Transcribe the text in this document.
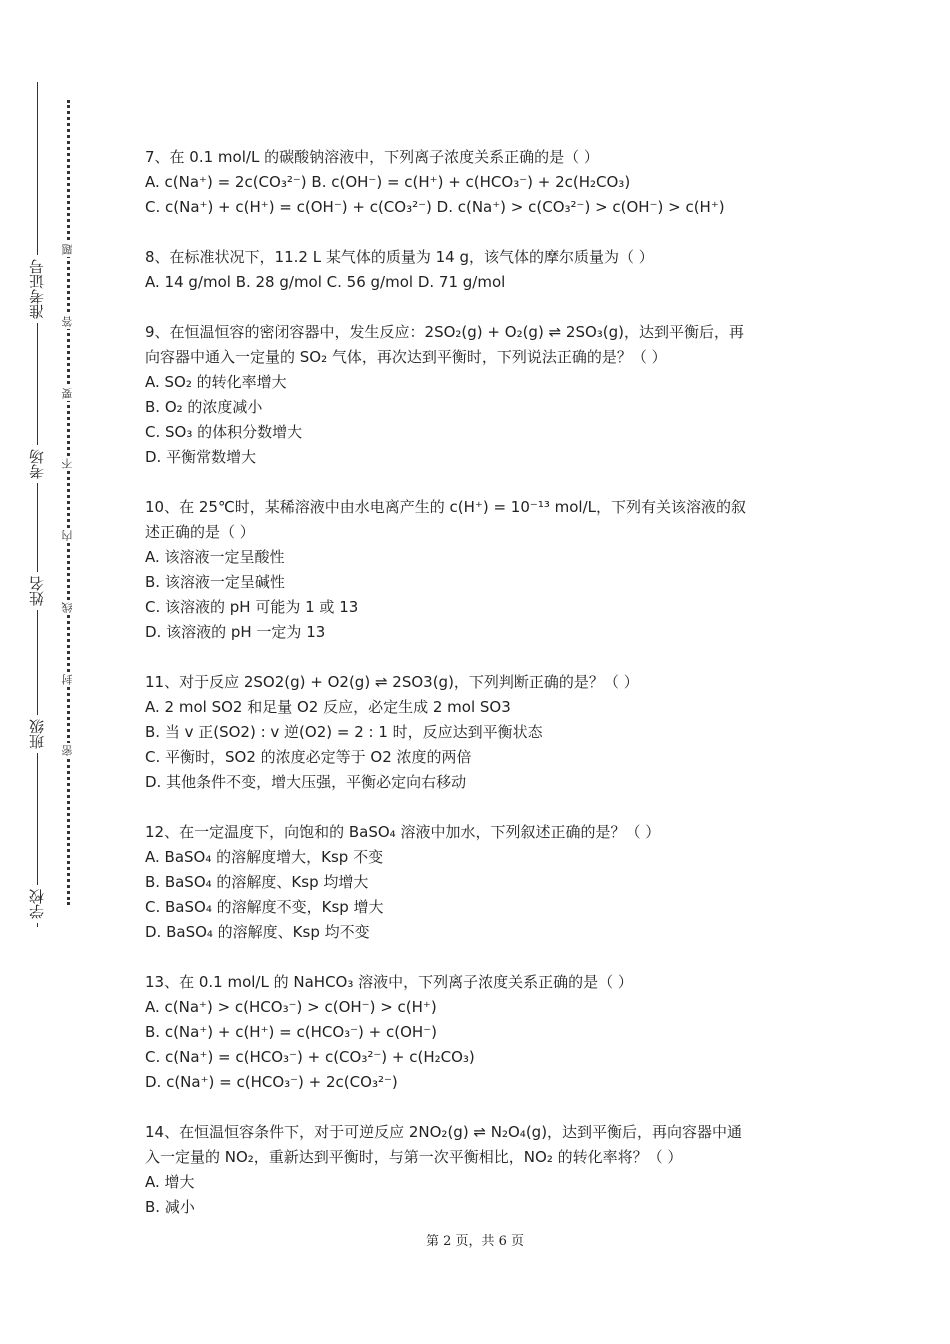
准考证号
考场
姓名
班级
学校
题
答
要
不
内
线
封
密
7、在 0.1 mol/L 的碳酸钠溶液中，下列离子浓度关系正确的是（ ）
A. c(Na⁺) = 2c(CO₃²⁻) B. c(OH⁻) = c(H⁺) + c(HCO₃⁻) + 2c(H₂CO₃)
C. c(Na⁺) + c(H⁺) = c(OH⁻) + c(CO₃²⁻) D. c(Na⁺) > c(CO₃²⁻) > c(OH⁻) > c(H⁺)
8、在标准状况下，11.2 L 某气体的质量为 14 g，该气体的摩尔质量为（ ）
A. 14 g/mol B. 28 g/mol C. 56 g/mol D. 71 g/mol
9、在恒温恒容的密闭容器中，发生反应：2SO₂(g) + O₂(g) ⇌ 2SO₃(g)，达到平衡后，再
向容器中通入一定量的 SO₂ 气体，再次达到平衡时，下列说法正确的是？（ ）
A. SO₂ 的转化率增大
B. O₂ 的浓度减小
C. SO₃ 的体积分数增大
D. 平衡常数增大
10、在 25℃时，某稀溶液中由水电离产生的 c(H⁺) = 10⁻¹³ mol/L，下列有关该溶液的叙
述正确的是（ ）
A. 该溶液一定呈酸性
B. 该溶液一定呈碱性
C. 该溶液的 pH 可能为 1 或 13
D. 该溶液的 pH 一定为 13
11、对于反应 2SO2(g) + O2(g) ⇌ 2SO3(g)，下列判断正确的是？（ ）
A. 2 mol SO2 和足量 O2 反应，必定生成 2 mol SO3
B. 当 v 正(SO2) : v 逆(O2) = 2 : 1 时，反应达到平衡状态
C. 平衡时，SO2 的浓度必定等于 O2 浓度的两倍
D. 其他条件不变，增大压强，平衡必定向右移动
12、在一定温度下，向饱和的 BaSO₄ 溶液中加水，下列叙述正确的是？（ ）
A. BaSO₄ 的溶解度增大，Ksp 不变
B. BaSO₄ 的溶解度、Ksp 均增大
C. BaSO₄ 的溶解度不变，Ksp 增大
D. BaSO₄ 的溶解度、Ksp 均不变
13、在 0.1 mol/L 的 NaHCO₃ 溶液中，下列离子浓度关系正确的是（ ）
A. c(Na⁺) > c(HCO₃⁻) > c(OH⁻) > c(H⁺)
B. c(Na⁺) + c(H⁺) = c(HCO₃⁻) + c(OH⁻)
C. c(Na⁺) = c(HCO₃⁻) + c(CO₃²⁻) + c(H₂CO₃)
D. c(Na⁺) = c(HCO₃⁻) + 2c(CO₃²⁻)
14、在恒温恒容条件下，对于可逆反应 2NO₂(g) ⇌ N₂O₄(g)，达到平衡后，再向容器中通
入一定量的 NO₂，重新达到平衡时，与第一次平衡相比，NO₂ 的转化率将？（ ）
A. 增大
B. 减小
第 2 页，共 6 页
